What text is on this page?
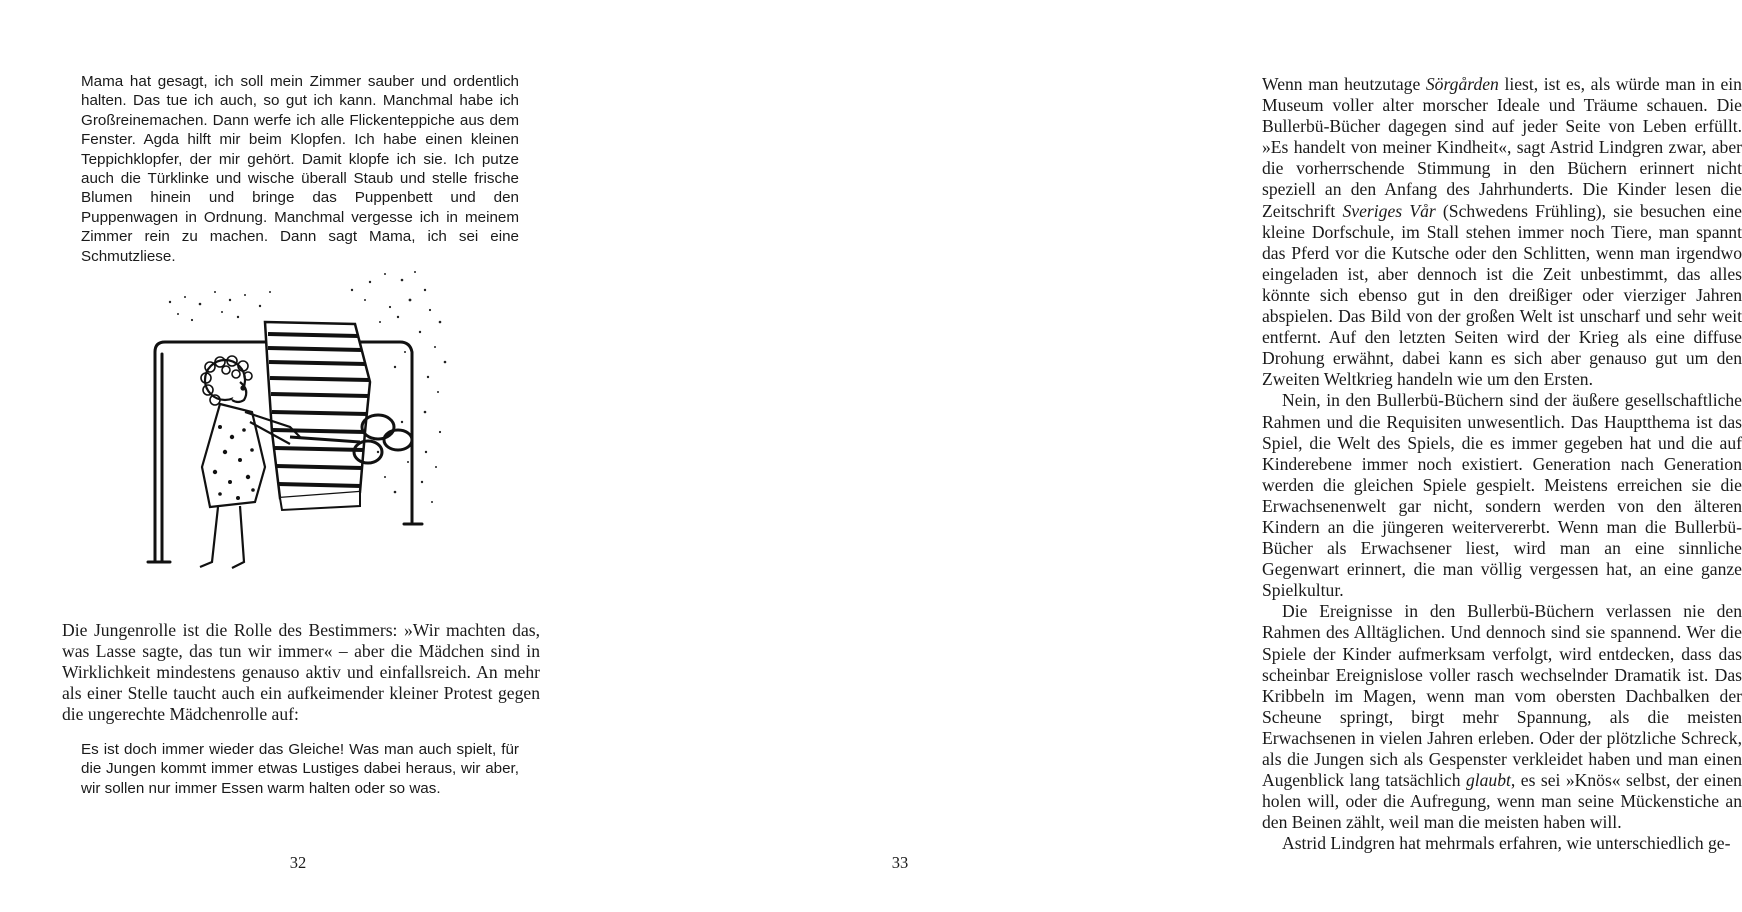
Mama hat gesagt, ich soll mein Zimmer sauber und ordentlich halten. Das tue ich auch, so gut ich kann. Manchmal habe ich Großreinemachen. Dann werfe ich alle Flickenteppiche aus dem Fenster. Agda hilft mir beim Klopfen. Ich habe einen kleinen Teppichklopfer, der mir gehört. Damit klopfe ich sie. Ich putze auch die Türklinke und wische überall Staub und stelle frische Blumen hinein und bringe das Puppenbett und den Puppenwagen in Ordnung. Manchmal vergesse ich in meinem Zimmer rein zu machen. Dann sagt Mama, ich sei eine Schmutzliese.

Die Jungenrolle ist die Rolle des Bestimmers: »Wir machten das, was Lasse sagte, das tun wir immer« – aber die Mädchen sind in Wirklichkeit mindestens genauso aktiv und einfallsreich. An mehr als einer Stelle taucht auch ein aufkeimender kleiner Protest gegen die ungerechte Mädchenrolle auf:

Es ist doch immer wieder das Gleiche! Was man auch spielt, für die Jungen kommt immer etwas Lustiges dabei heraus, wir aber, wir sollen nur immer Essen warm halten oder so was.

32

Wenn man heutzutage Sörgården liest, ist es, als würde man in ein Museum voller alter morscher Ideale und Träume schauen. Die Bullerbü-Bücher dagegen sind auf jeder Seite von Leben erfüllt. »Es handelt von meiner Kindheit«, sagt Astrid Lindgren zwar, aber die vorherrschende Stimmung in den Büchern erinnert nicht speziell an den Anfang des Jahrhunderts. Die Kinder lesen die Zeitschrift Sveriges Vår (Schwedens Frühling), sie besuchen eine kleine Dorfschule, im Stall stehen immer noch Tiere, man spannt das Pferd vor die Kutsche oder den Schlitten, wenn man irgendwo eingeladen ist, aber dennoch ist die Zeit unbestimmt, das alles könnte sich ebenso gut in den dreißiger oder vierziger Jahren abspielen. Das Bild von der großen Welt ist unscharf und sehr weit entfernt. Auf den letzten Seiten wird der Krieg als eine diffuse Drohung erwähnt, dabei kann es sich aber genauso gut um den Zweiten Weltkrieg handeln wie um den Ersten.

Nein, in den Bullerbü-Büchern sind der äußere gesellschaftliche Rahmen und die Requisiten unwesentlich. Das Hauptthema ist das Spiel, die Welt des Spiels, die es immer gegeben hat und die auf Kinderebene immer noch existiert. Generation nach Generation werden die gleichen Spiele gespielt. Meistens erreichen sie die Erwachsenenwelt gar nicht, sondern werden von den älteren Kindern an die jüngeren weitervererbt. Wenn man die Bullerbü-Bücher als Erwachsener liest, wird man an eine sinnliche Gegenwart erinnert, die man völlig vergessen hat, an eine ganze Spielkultur.

Die Ereignisse in den Bullerbü-Büchern verlassen nie den Rahmen des Alltäglichen. Und dennoch sind sie spannend. Wer die Spiele der Kinder aufmerksam verfolgt, wird entdecken, dass das scheinbar Ereignislose voller rasch wechselnder Dramatik ist. Das Kribbeln im Magen, wenn man vom obersten Dachbalken der Scheune springt, birgt mehr Spannung, als die meisten Erwachsenen in vielen Jahren erleben. Oder der plötzliche Schreck, als die Jungen sich als Gespenster verkleidet haben und man einen Augenblick lang tatsächlich glaubt, es sei »Knös« selbst, der einen holen will, oder die Aufregung, wenn man seine Mückenstiche an den Beinen zählt, weil man die meisten haben will.

Astrid Lindgren hat mehrmals erfahren, wie unterschiedlich ge-

33
